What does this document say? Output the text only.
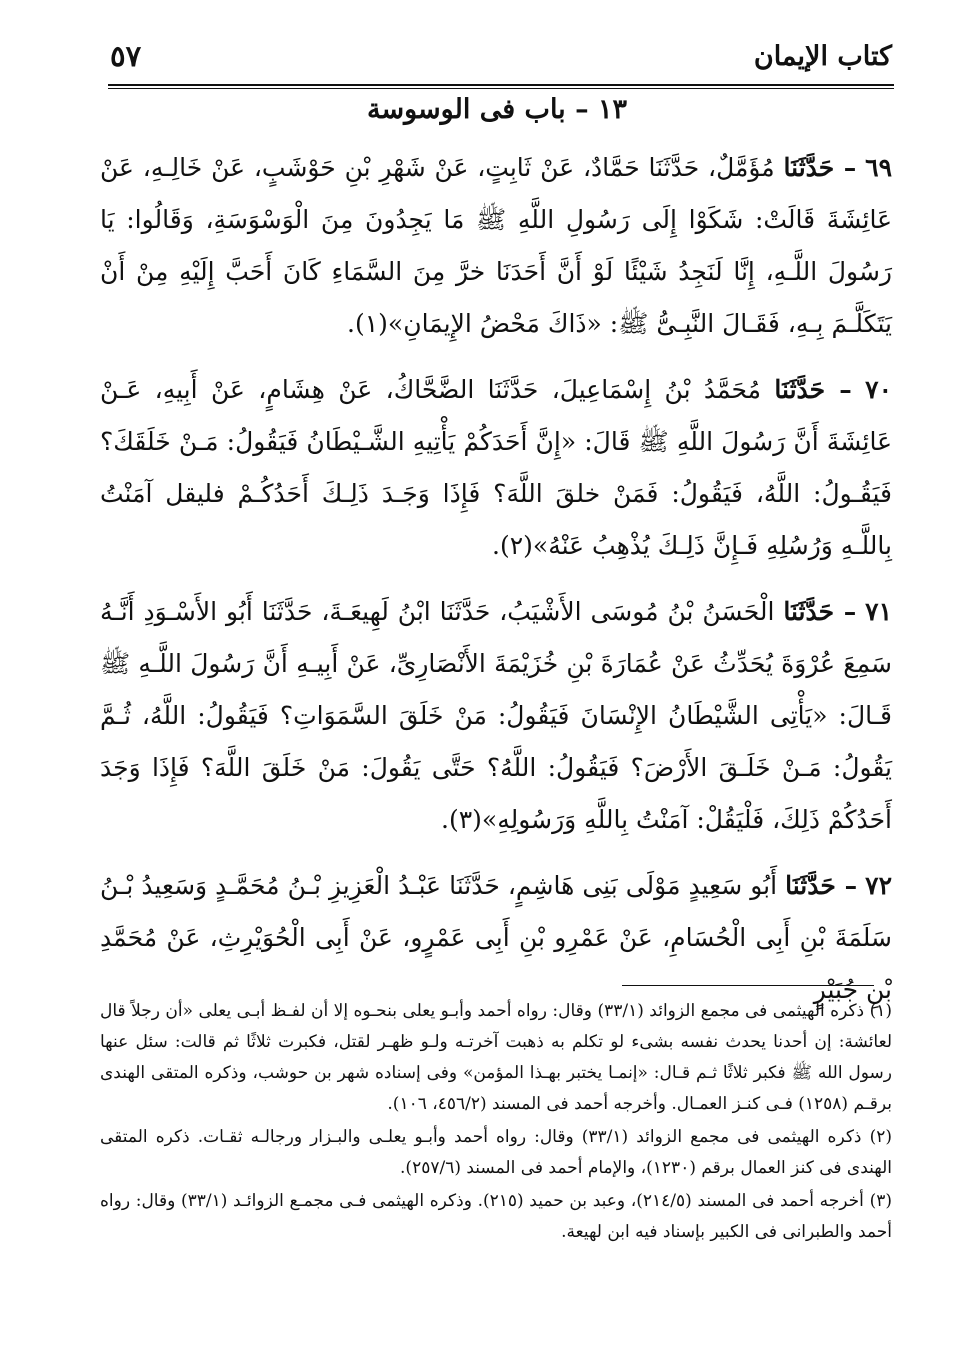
كتاب الإيمان
٥٧
١٣ – باب فى الوسوسة

٦٩ – حَدَّثَنَا مُؤَمَّلٌ، حَدَّثَنَا حَمَّادٌ، عَنْ ثَابِتٍ، عَنْ شَهْرِ بْنِ حَوْشَبٍ، عَنْ خَالِـهِ، عَنْ عَائِشَةَ قَالَتْ: شَكَوْا إِلَى رَسُولِ اللَّهِ ﷺ مَا يَجِدُونَ مِنَ الْوَسْوَسَةِ، وَقَالُوا: يَا رَسُولَ اللَّـهِ، إِنَّا لَنَجِدُ شَيْئًا لَوْ أَنَّ أَحَدَنَا خرَّ مِنَ السَّمَاءِ كَانَ أَحَبَّ إِلَيْهِ مِنْ أَنْ يَتَكَلَّـمَ بِـهِ، فَقَـالَ النَّبِـىُّ ﷺ: «ذَاكَ مَحْضُ الإِيمَانِ»(١).

٧٠ – حَدَّثَنَا مُحَمَّدُ بْنُ إِسْمَاعِيلَ، حَدَّثَنَا الضَّحَّاكُ، عَنْ هِشَامٍ، عَنْ أَبِيهِ، عَـنْ عَائِشَةَ أَنَّ رَسُولَ اللَّهِ ﷺ قَالَ: «إِنَّ أَحَدَكُمْ يَأْتِيهِ الشَّـيْطَانُ فَيَقُولُ: مَـنْ خَلَقَكَ؟ فَيَقُـولُ: اللَّهُ، فَيَقُولُ: فَمَنْ خلقَ اللَّهَ؟ فَإِذَا وَجَـدَ ذَلِـكَ أَحَدُكُـمْ فليقل آمَنْتُ بِاللَّـهِ وَرُسُلِهِ فَـإِنَّ ذَلِـكَ يُذْهِبُ عَنْهُ»(٢).

٧١ – حَدَّثَنَا الْحَسَنُ بْنُ مُوسَى الأَشْيَبُ، حَدَّثَنَا ابْنُ لَهِيعَـةَ، حَدَّثَنَا أَبُو الأَسْـوَدِ أَنَّـهُ سَمِعَ عُرْوَةَ يُحَدِّثُ عَنْ عُمَارَةَ بْنِ خُزَيْمَةَ الأَنْصَارِىِّ، عَنْ أَبِيـهِ أَنَّ رَسُولَ اللَّـهِ ﷺ قَـالَ: «يَأْتِى الشَّيْطَانُ الإِنْسَانَ فَيَقُولُ: مَنْ خَلَقَ السَّمَوَاتِ؟ فَيَقُولُ: اللَّهُ، ثُـمَّ يَقُولُ: مَـنْ خَلَـقَ الأَرْضَ؟ فَيَقُولُ: اللَّهُ؟ حَتَّى يَقُولَ: مَنْ خَلَقَ اللَّهَ؟ فَإِذَا وَجَدَ أَحَدُكُمْ ذَلِكَ، فَلْيَقُلْ: آمَنْتُ بِاللَّهِ وَرَسُولِهِ»(٣).

٧٢ – حَدَّثَنَا أَبُو سَعِيدٍ مَوْلَى بَنِى هَاشِمٍ، حَدَّثَنَا عَبْـدُ الْعَزِيزِ بْـنُ مُحَمَّـدٍ وَسَعِيدُ بْـنُ سَلَمَةَ بْنِ أَبِى الْحُسَامِ، عَنْ عَمْرِو بْنِ أَبِى عَمْرٍو، عَنْ أَبِى الْحُوَيْرِثِ، عَنْ مُحَمَّدِ بْنِ جُبَيْرٍ

(١) ذكره الهيثمى فى مجمع الزوائد (٣٣/١) وقال: رواه أحمد وأبـو يعلى بنحـوه إلا أن لفـظ أبـى يعلى «أن رجلاً قال لعائشة: إن أحدنا يحدث نفسه بشىء لو تكلم به ذهبت آخرتـه ولـو ظهـر لقتل، فكبرت ثلاثًا ثم قالت: سئل عنها رسول الله ﷺ فكبر ثلاثًا ثـم قـال: «إنمـا يختبر بهـذا المؤمن» وفى إسناده شهر بن حوشب، وذكره المتقى الهندى برقـم (١٢٥٨) فـى كنـز العمـال. وأخرجه أحمد فى المسند (٤٥٦/٢، ١٠٦).

(٢) ذكره الهيثمى فى مجمع الزوائد (٣٣/١) وقال: رواه أحمد وأبـو يعلـى والبـزار ورجالـه ثقـات. ذكره المتقى الهندى فى كنز العمال برقم (١٢٣٠)، والإمام أحمد فى المسند (٢٥٧/٦).

(٣) أخرجه أحمد فى المسند (٢١٤/٥)، وعبد بن حميد (٢١٥). وذكره الهيثمى فـى مجمـع الزوائـد (٣٣/١) وقال: رواه أحمد والطبرانى فى الكبير بإسناد فيه ابن لهيعة.
